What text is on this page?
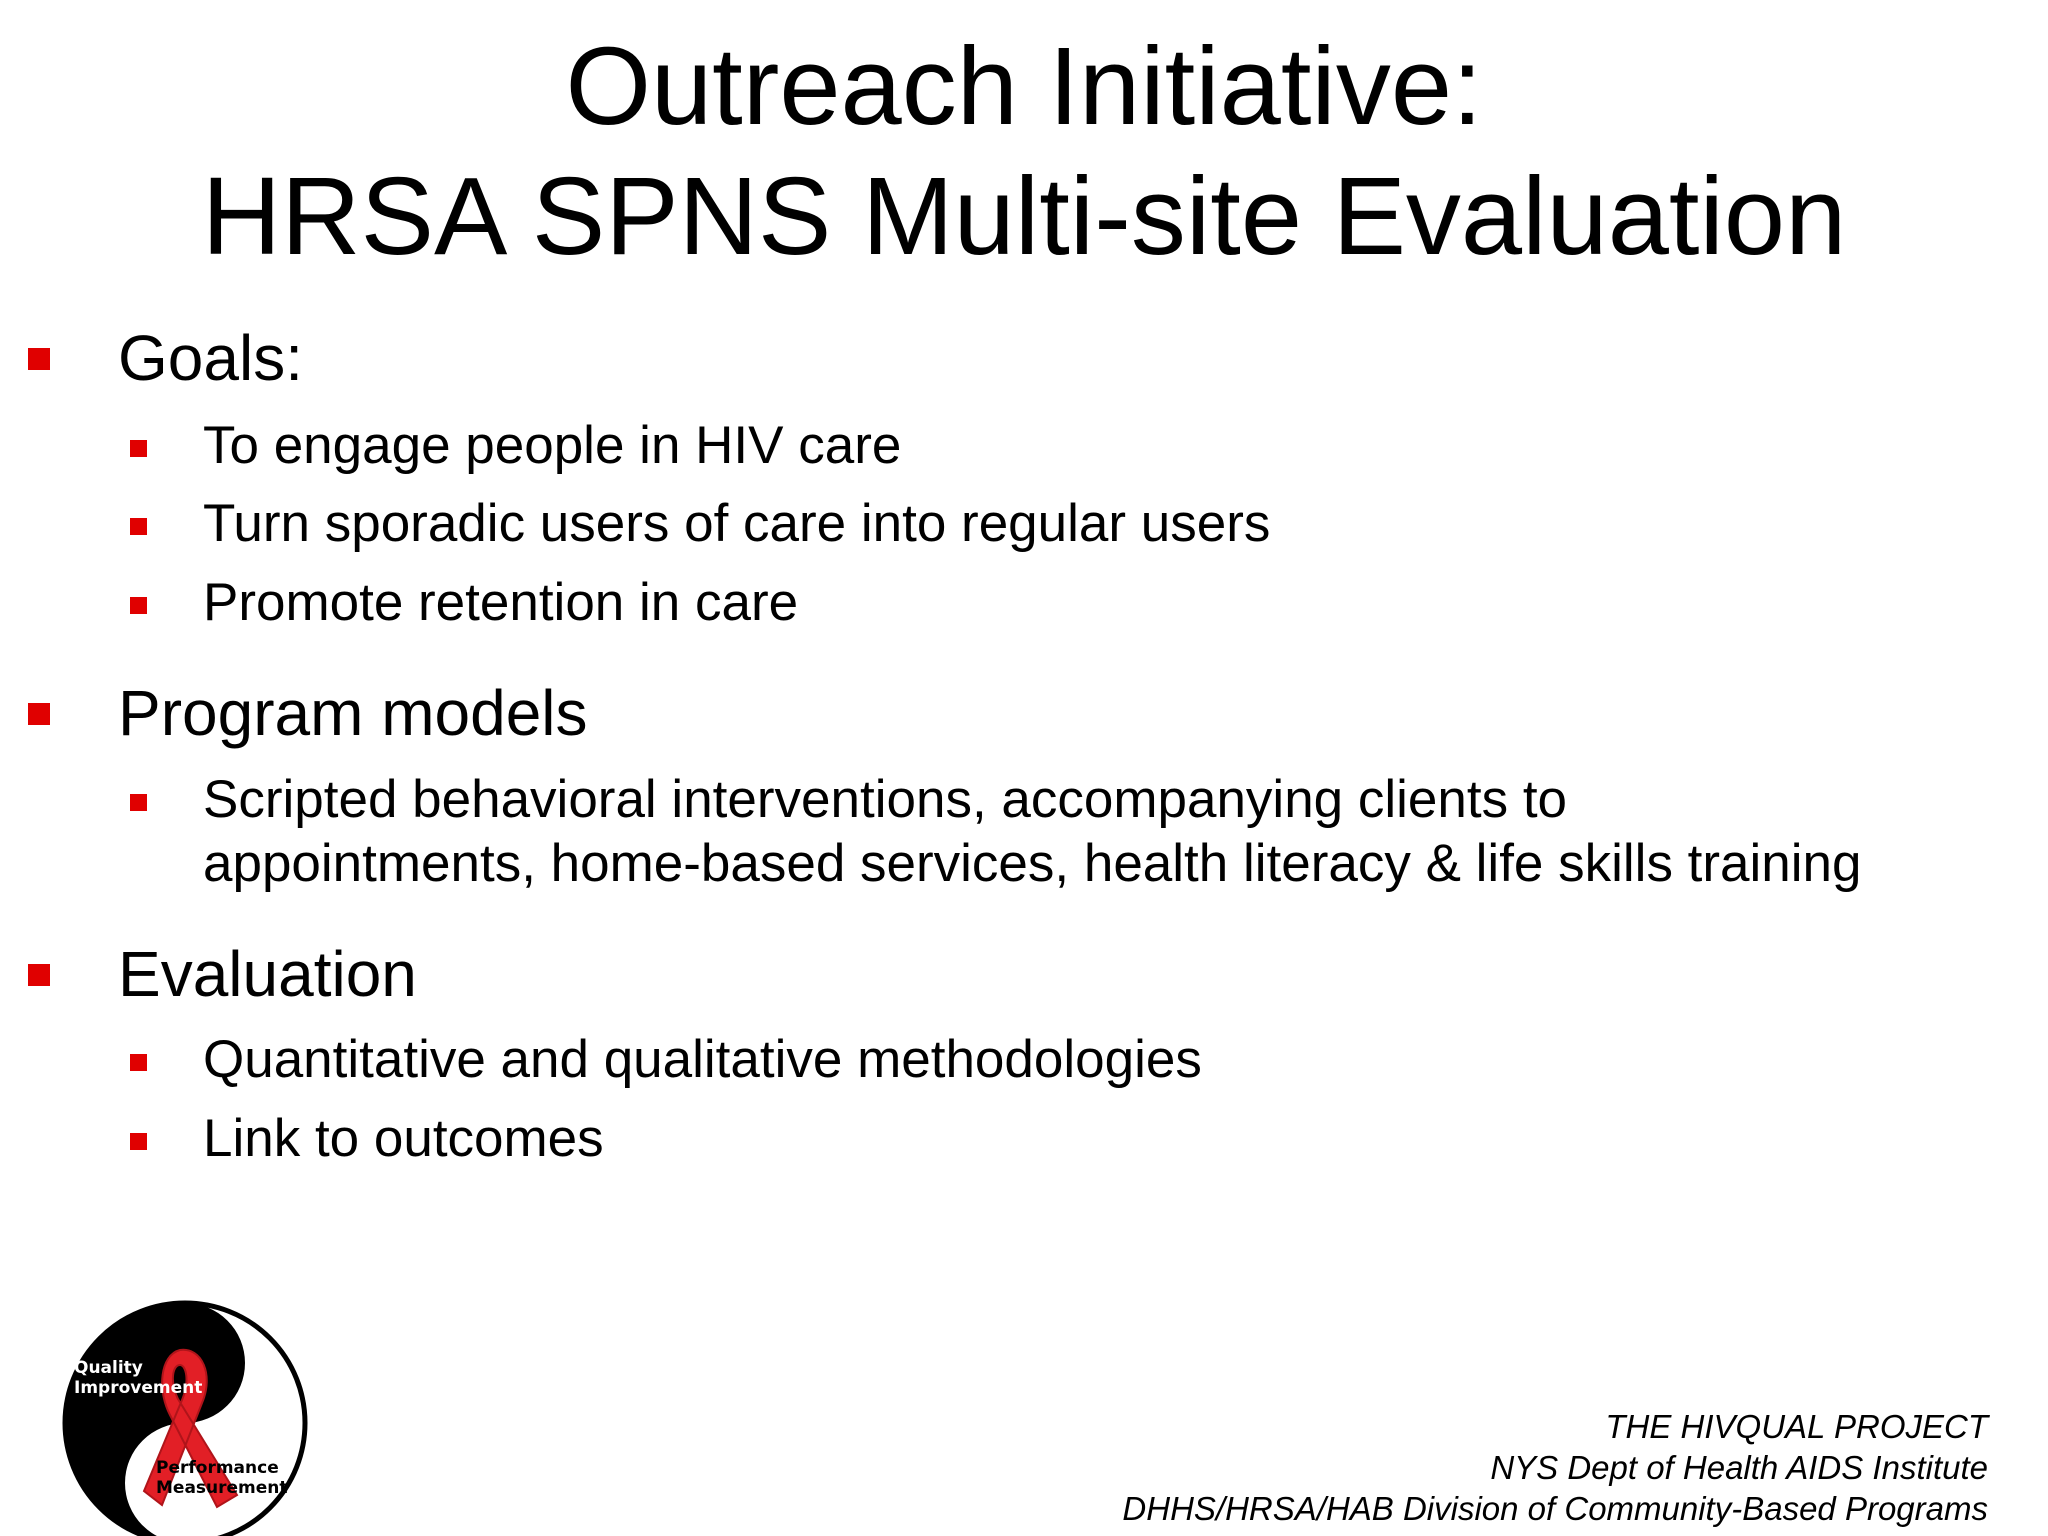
Outreach Initiative:
HRSA SPNS Multi-site Evaluation
Goals:
To engage people in HIV care
Turn sporadic users of care into regular users
Promote retention in care
Program models
Scripted behavioral interventions, accompanying clients to
appointments, home-based services, health literacy & life skills training
Evaluation
Quantitative and qualitative methodologies
Link to outcomes
Quality
Improvement
Performance
Measurement
THE HIVQUAL PROJECT
NYS Dept of Health AIDS Institute
DHHS/HRSA/HAB Division of Community-Based Programs
